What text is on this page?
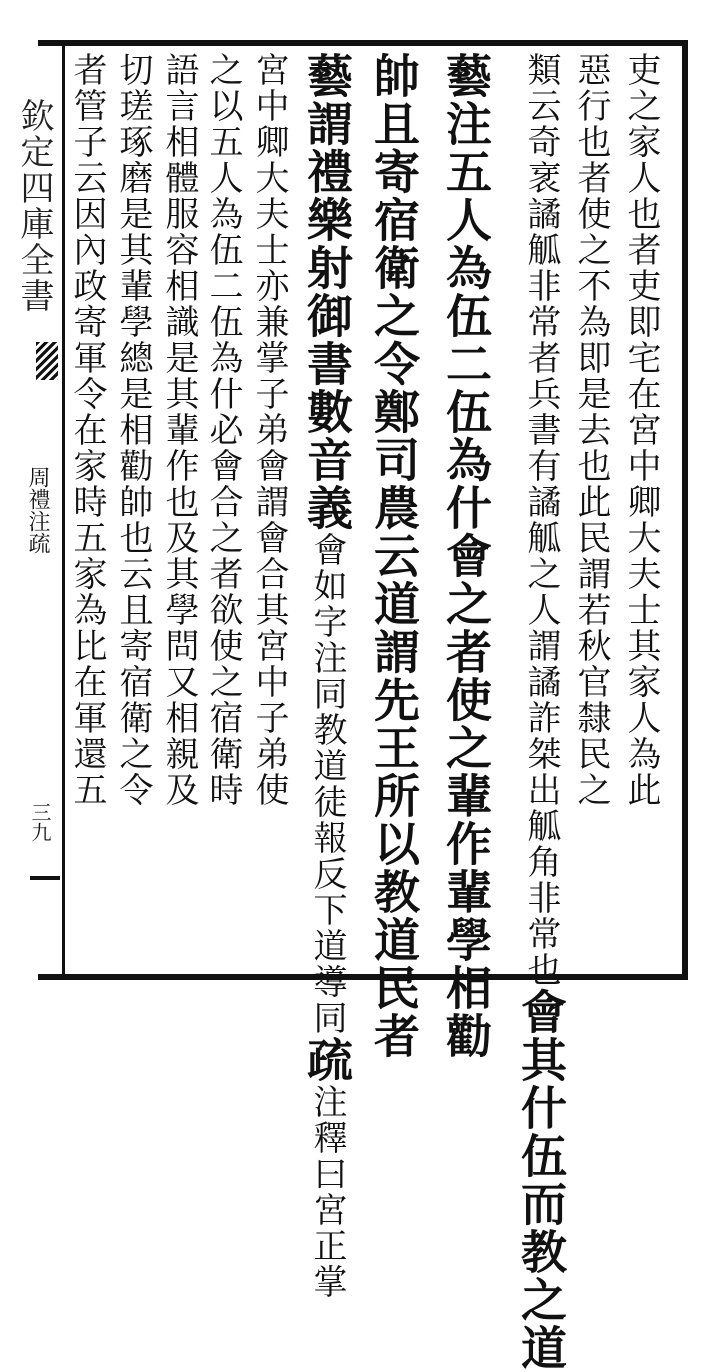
欽定四庫全書
周禮注疏
三九
吏之家人也者吏即宅在宮中卿大夫士其家人為此
惡行也者使之不為即是去也此民謂若秋官隸民之
類云奇衺譎觚非常者兵書有譎觚之人謂譎詐桀出觚角非常也會其什伍而教之道
藝注五人為伍二伍為什會之者使之輩作輩學相勸
帥且寄宿衛之令鄭司農云道謂先王所以教道民者
藝謂禮樂射御書數音義會如字注同教道徒報反下道導同疏注釋曰宮正掌
宮中卿大夫士亦兼掌子弟會謂會合其宮中子弟使
之以五人為伍二伍為什必會合之者欲使之宿衛時
語言相體服容相識是其輩作也及其學問又相親及
切瑳琢磨是其輩學總是相勸帥也云且寄宿衛之令
者管子云因內政寄軍令在家時五家為比在軍還五
